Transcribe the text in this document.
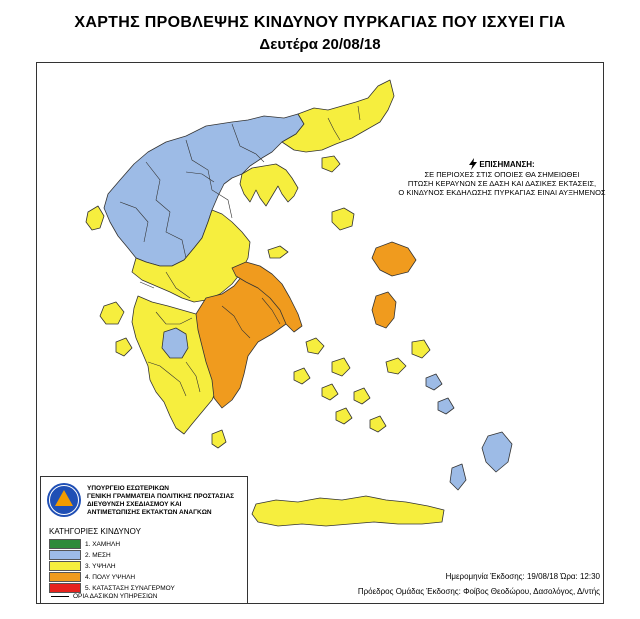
ΧΑΡΤΗΣ ΠΡΟΒΛΕΨΗΣ ΚΙΝΔΥΝΟΥ ΠΥΡΚΑΓΙΑΣ ΠΟΥ ΙΣΧΥΕΙ ΓΙΑ
Δευτέρα 20/08/18
ΕΠΙΣΗΜΑΝΣΗ:
ΣΕ ΠΕΡΙΟΧΕΣ ΣΤΙΣ ΟΠΟΙΕΣ ΘΑ ΣΗΜΕΙΩΘΕΙ
ΠΤΩΣΗ ΚΕΡΑΥΝΩΝ ΣΕ ΔΑΣΗ ΚΑΙ ΔΑΣΙΚΕΣ ΕΚΤΑΣΕΙΣ,
Ο ΚΙΝΔΥΝΟΣ ΕΚΔΗΛΩΣΗΣ ΠΥΡΚΑΓΙΑΣ ΕΙΝΑΙ ΑΥΞΗΜΕΝΟΣ
ΥΠΟΥΡΓΕΙΟ ΕΣΩΤΕΡΙΚΩΝ
ΓΕΝΙΚΗ ΓΡΑΜΜΑΤΕΙΑ ΠΟΛΙΤΙΚΗΣ ΠΡΟΣΤΑΣΙΑΣ
ΔΙΕΥΘΥΝΣΗ ΣΧΕΔΙΑΣΜΟΥ ΚΑΙ
ΑΝΤΙΜΕΤΩΠΙΣΗΣ ΕΚΤΑΚΤΩΝ ΑΝΑΓΚΩΝ
ΚΑΤΗΓΟΡΙΕΣ ΚΙΝΔΥΝΟΥ
1. ΧΑΜΗΛΗ
2. ΜΕΣΗ
3. ΥΨΗΛΗ
4. ΠΟΛΥ ΥΨΗΛΗ
5. ΚΑΤΑΣΤΑΣΗ ΣΥΝΑΓΕΡΜΟΥ
ΟΡΙΑ ΔΑΣΙΚΩΝ ΥΠΗΡΕΣΙΩΝ
Ημερομηνία Έκδοσης: 19/08/18 Ώρα: 12:30
Πρόεδρος Ομάδας Έκδοσης: Φοίβος Θεοδώρου, Δασολόγος, Δ/ντής
